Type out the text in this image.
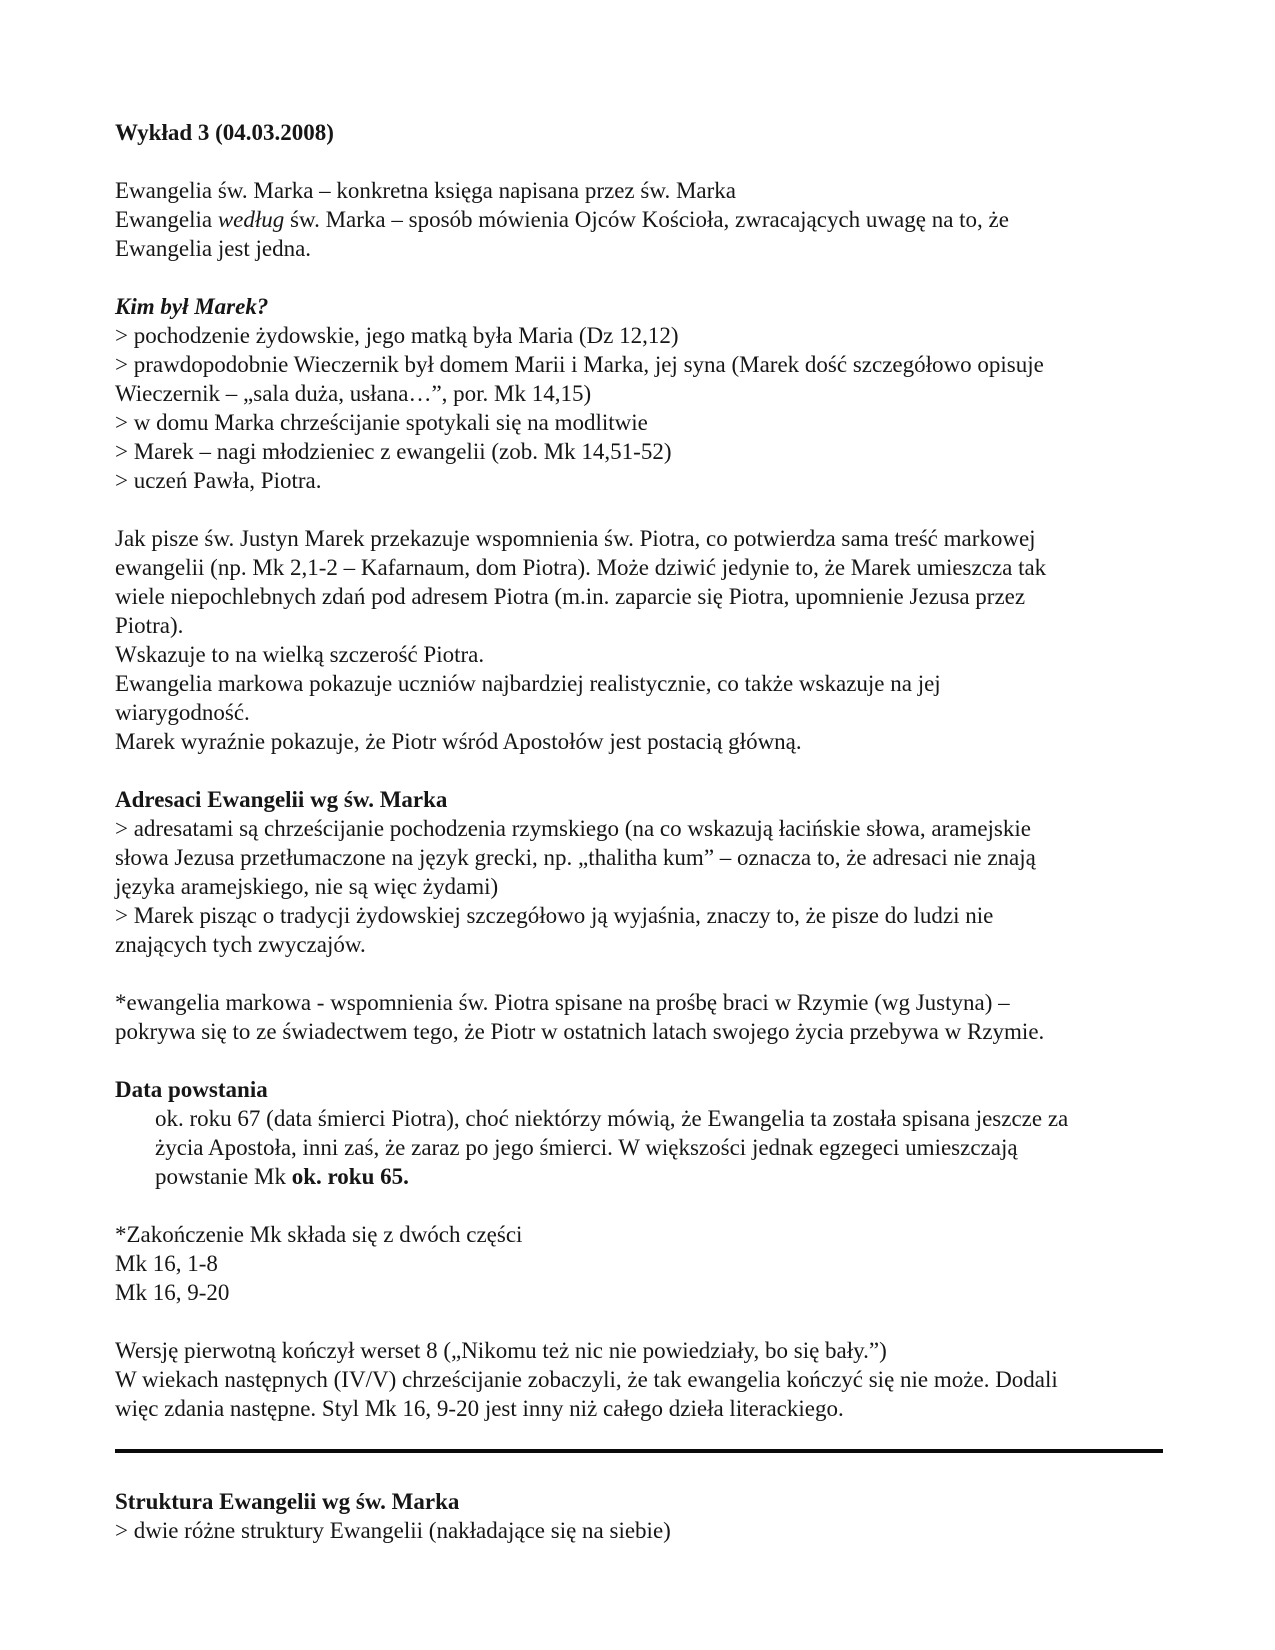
Wykład 3 (04.03.2008)
Ewangelia św. Marka – konkretna księga napisana przez św. Marka
Ewangelia według św. Marka – sposób mówienia Ojców Kościoła, zwracających uwagę na to, że
Ewangelia jest jedna.
Kim był Marek?
> pochodzenie żydowskie, jego matką była Maria (Dz 12,12)
> prawdopodobnie Wieczernik był domem Marii i Marka, jej syna (Marek dość szczegółowo opisuje
Wieczernik – „sala duża, usłana…”, por. Mk 14,15)
> w domu Marka chrześcijanie spotykali się na modlitwie
> Marek – nagi młodzieniec z ewangelii (zob. Mk 14,51-52)
> uczeń Pawła, Piotra.
Jak pisze św. Justyn Marek przekazuje wspomnienia św. Piotra, co potwierdza sama treść markowej
ewangelii (np. Mk 2,1-2 – Kafarnaum, dom Piotra). Może dziwić jedynie to, że Marek umieszcza tak
wiele niepochlebnych zdań pod adresem Piotra (m.in. zaparcie się Piotra, upomnienie Jezusa przez
Piotra).
Wskazuje to na wielką szczerość Piotra.
Ewangelia markowa pokazuje uczniów najbardziej realistycznie, co także wskazuje na jej
wiarygodność.
Marek wyraźnie pokazuje, że Piotr wśród Apostołów jest postacią główną.
Adresaci Ewangelii wg św. Marka
> adresatami są chrześcijanie pochodzenia rzymskiego (na co wskazują łacińskie słowa, aramejskie
słowa Jezusa przetłumaczone na język grecki, np. „thalitha kum” – oznacza to, że adresaci nie znają
języka aramejskiego, nie są więc żydami)
> Marek pisząc o tradycji żydowskiej szczegółowo ją wyjaśnia, znaczy to, że pisze do ludzi nie
znających tych zwyczajów.
*ewangelia markowa - wspomnienia św. Piotra spisane na prośbę braci w Rzymie (wg Justyna) –
pokrywa się to ze świadectwem tego, że Piotr w ostatnich latach swojego życia przebywa w Rzymie.
Data powstania
ok. roku 67 (data śmierci Piotra), choć niektórzy mówią, że Ewangelia ta została spisana jeszcze za
życia Apostoła, inni zaś, że zaraz po jego śmierci. W większości jednak egzegeci umieszczają
powstanie Mk ok. roku 65.
*Zakończenie Mk składa się z dwóch części
Mk 16, 1-8
Mk 16, 9-20
Wersję pierwotną kończył werset 8 („Nikomu też nic nie powiedziały, bo się bały.”)
W wiekach następnych (IV/V) chrześcijanie zobaczyli, że tak ewangelia kończyć się nie może. Dodali
więc zdania następne. Styl Mk 16, 9-20 jest inny niż całego dzieła literackiego.
Struktura Ewangelii wg św. Marka
> dwie różne struktury Ewangelii (nakładające się na siebie)
